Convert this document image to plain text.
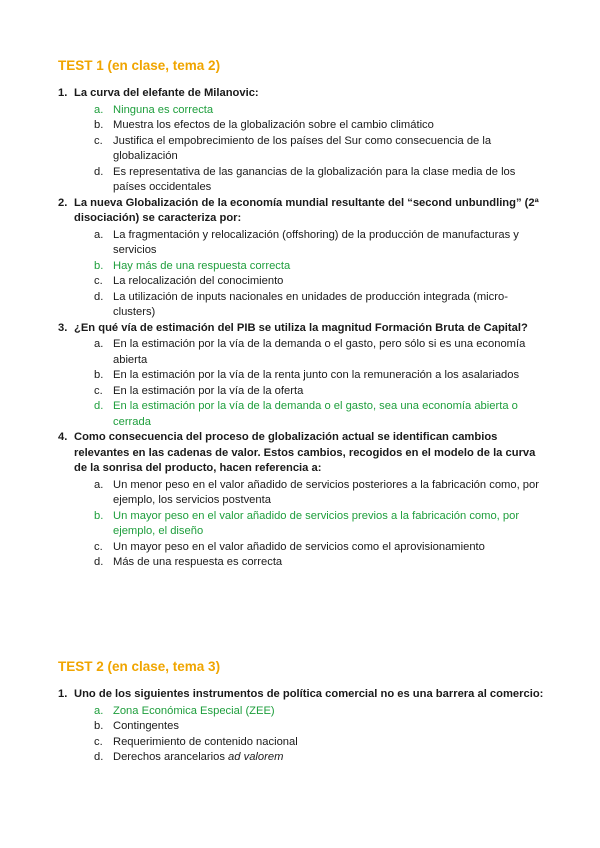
TEST 1 (en clase, tema 2)
1. La curva del elefante de Milanovic:
a. Ninguna es correcta
b. Muestra los efectos de la globalización sobre el cambio climático
c. Justifica el empobrecimiento de los países del Sur como consecuencia de la globalización
d. Es representativa de las ganancias de la globalización para la clase media de los países occidentales
2. La nueva Globalización de la economía mundial resultante del “second unbundling” (2ª disociación) se caracteriza por:
a. La fragmentación y relocalización (offshoring) de la producción de manufacturas y servicios
b. Hay más de una respuesta correcta
c. La relocalización del conocimiento
d. La utilización de inputs nacionales en unidades de producción integrada (micro-clusters)
3. ¿En qué vía de estimación del PIB se utiliza la magnitud Formación Bruta de Capital?
a. En la estimación por la vía de la demanda o el gasto, pero sólo si es una economía abierta
b. En la estimación por la vía de la renta junto con la remuneración a los asalariados
c. En la estimación por la vía de la oferta
d. En la estimación por la vía de la demanda o el gasto, sea una economía abierta o cerrada
4. Como consecuencia del proceso de globalización actual se identifican cambios relevantes en las cadenas de valor. Estos cambios, recogidos en el modelo de la curva de la sonrisa del producto, hacen referencia a:
a. Un menor peso en el valor añadido de servicios posteriores a la fabricación como, por ejemplo, los servicios postventa
b. Un mayor peso en el valor añadido de servicios previos a la fabricación como, por ejemplo, el diseño
c. Un mayor peso en el valor añadido de servicios como el aprovisionamiento
d. Más de una respuesta es correcta
TEST 2 (en clase, tema 3)
1. Uno de los siguientes instrumentos de política comercial no es una barrera al comercio:
a. Zona Económica Especial (ZEE)
b. Contingentes
c. Requerimiento de contenido nacional
d. Derechos arancelarios ad valorem
